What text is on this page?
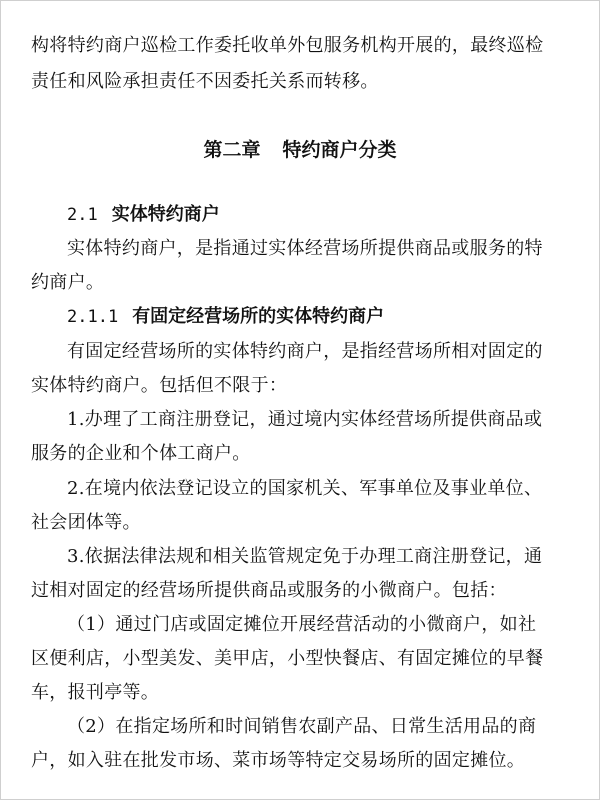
构将特约商户巡检工作委托收单外包服务机构开展的，最终巡检
责任和风险承担责任不因委托关系而转移。
第二章 特约商户分类
2.1 实体特约商户
实体特约商户，是指通过实体经营场所提供商品或服务的特
约商户。
2.1.1 有固定经营场所的实体特约商户
有固定经营场所的实体特约商户，是指经营场所相对固定的
实体特约商户。包括但不限于：
1.办理了工商注册登记，通过境内实体经营场所提供商品或
服务的企业和个体工商户。
2.在境内依法登记设立的国家机关、军事单位及事业单位、
社会团体等。
3.依据法律法规和相关监管规定免于办理工商注册登记，通
过相对固定的经营场所提供商品或服务的小微商户。包括：
（1）通过门店或固定摊位开展经营活动的小微商户，如社
区便利店，小型美发、美甲店，小型快餐店、有固定摊位的早餐
车，报刊亭等。
（2）在指定场所和时间销售农副产品、日常生活用品的商
户，如入驻在批发市场、菜市场等特定交易场所的固定摊位。
